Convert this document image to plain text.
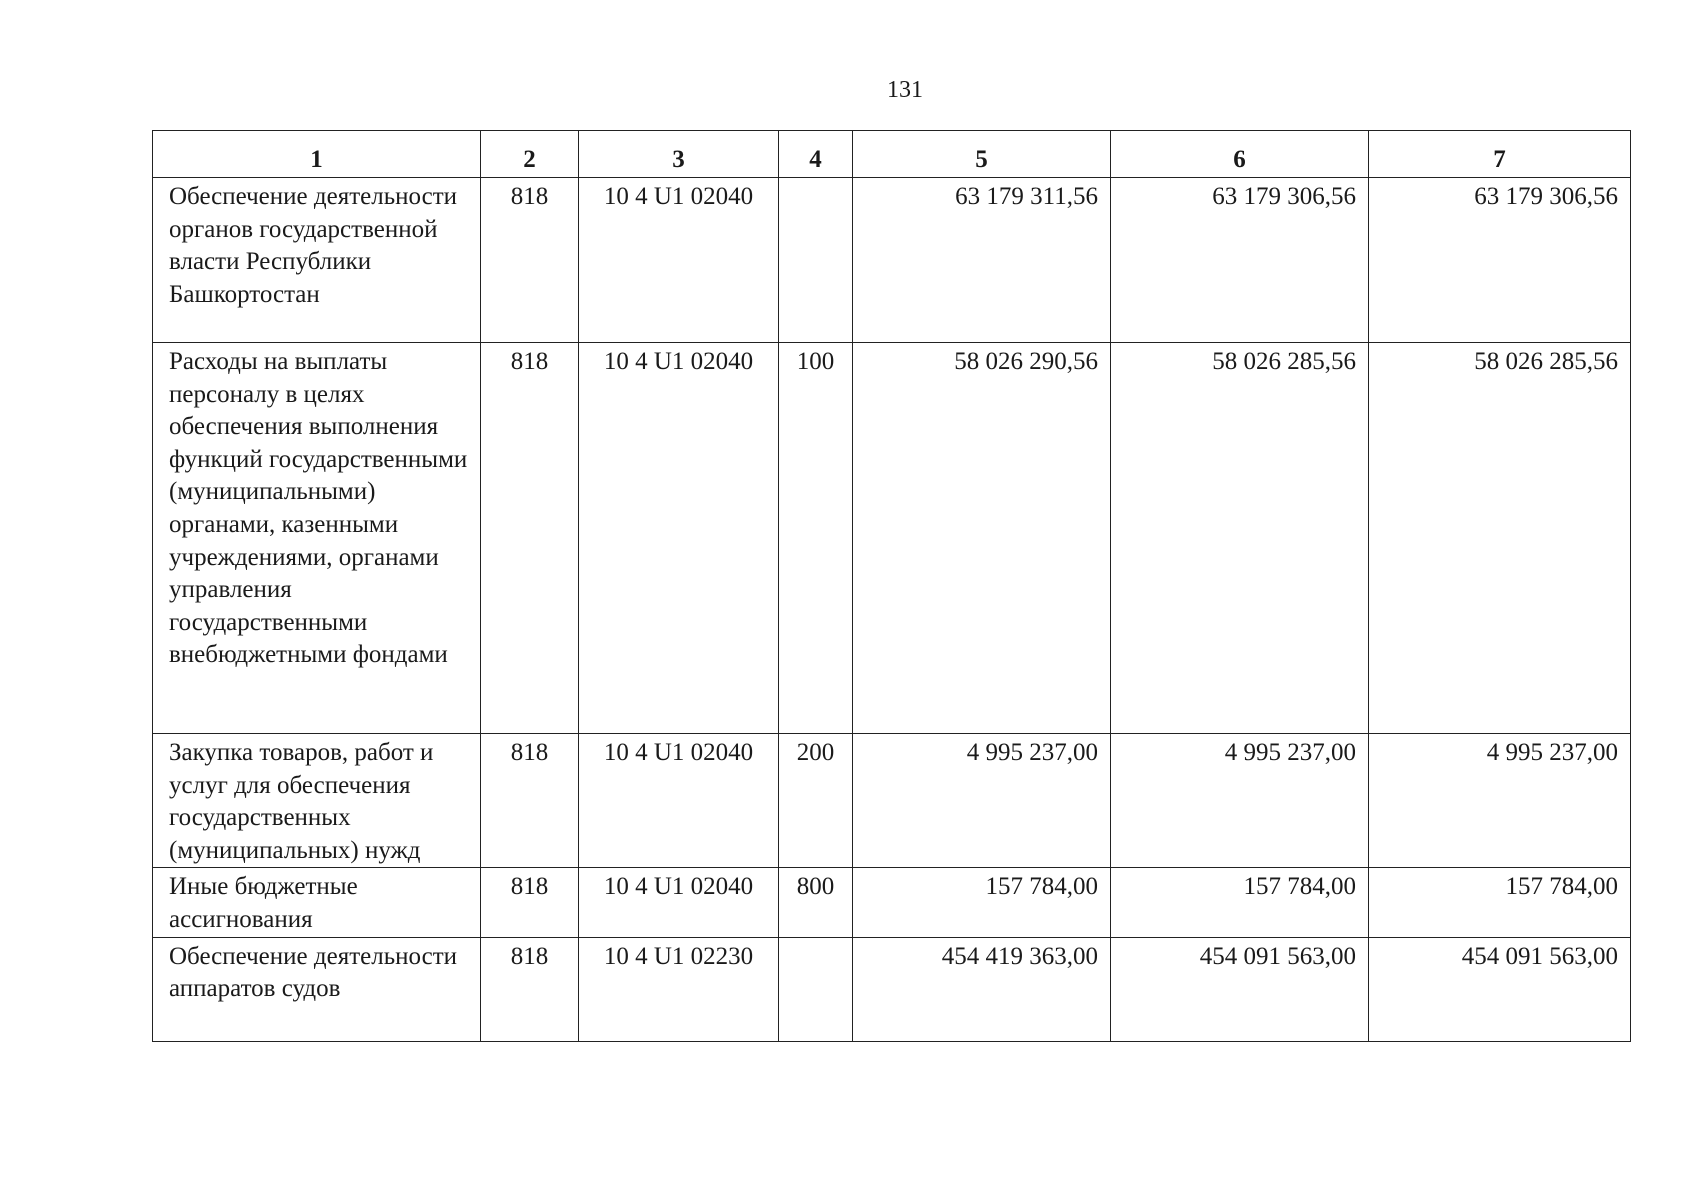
131
1	2	3	4	5	6	7
Обеспечение деятельности органов государственной власти Республики Башкортостан	818	10 4 U1 02040		63 179 311,56	63 179 306,56	63 179 306,56
Расходы на выплаты персоналу в целях обеспечения выполнения функций государственными (муниципальными) органами, казенными учреждениями, органами управления государственными внебюджетными фондами	818	10 4 U1 02040	100	58 026 290,56	58 026 285,56	58 026 285,56
Закупка товаров, работ и услуг для обеспечения государственных (муниципальных) нужд	818	10 4 U1 02040	200	4 995 237,00	4 995 237,00	4 995 237,00
Иные бюджетные ассигнования	818	10 4 U1 02040	800	157 784,00	157 784,00	157 784,00
Обеспечение деятельности аппаратов судов	818	10 4 U1 02230		454 419 363,00	454 091 563,00	454 091 563,00
